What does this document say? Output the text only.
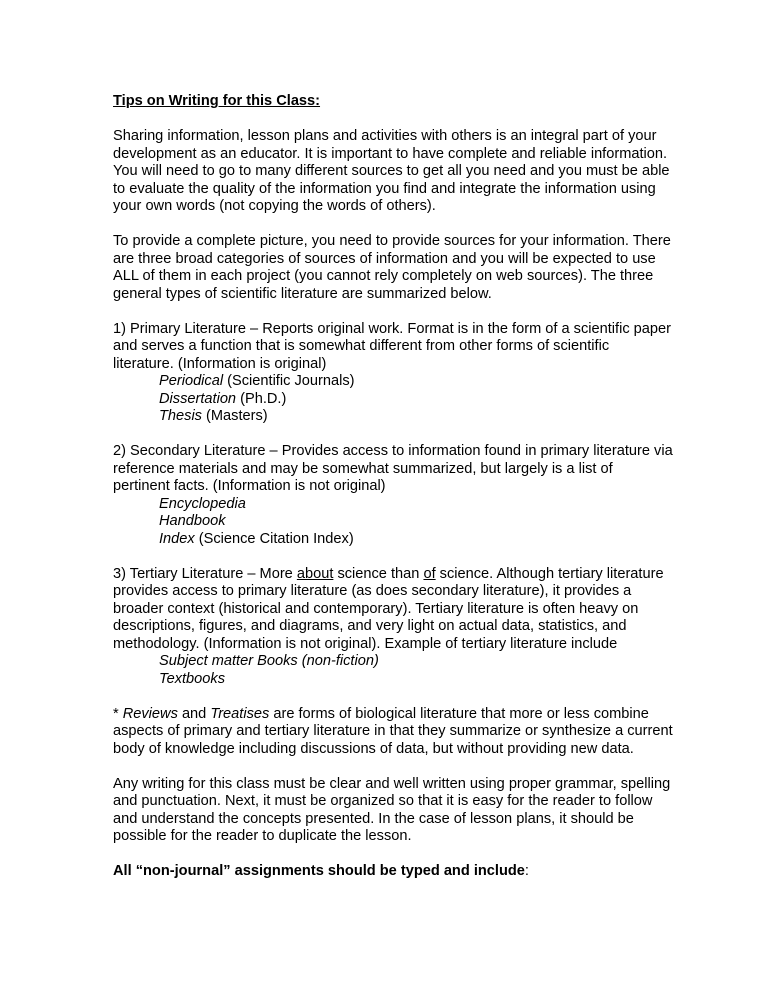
Tips on Writing for this Class:

Sharing information, lesson plans and activities with others is an integral part of your development as an educator. It is important to have complete and reliable information. You will need to go to many different sources to get all you need and you must be able to evaluate the quality of the information you find and integrate the information using your own words (not copying the words of others).

To provide a complete picture, you need to provide sources for your information. There are three broad categories of sources of information and you will be expected to use ALL of them in each project (you cannot rely completely on web sources). The three general types of scientific literature are summarized below.

1) Primary Literature – Reports original work. Format is in the form of a scientific paper and serves a function that is somewhat different from other forms of scientific literature. (Information is original)

Periodical (Scientific Journals)
Dissertation (Ph.D.)
Thesis (Masters)

2) Secondary Literature – Provides access to information found in primary literature via reference materials and may be somewhat summarized, but largely is a list of pertinent facts. (Information is not original)

Encyclopedia
Handbook
Index (Science Citation Index)

3) Tertiary Literature – More about science than of science. Although tertiary literature provides access to primary literature (as does secondary literature), it provides a broader context (historical and contemporary). Tertiary literature is often heavy on descriptions, figures, and diagrams, and very light on actual data, statistics, and methodology. (Information is not original). Example of tertiary literature include

Subject matter Books (non-fiction)
Textbooks

* Reviews and Treatises are forms of biological literature that more or less combine aspects of primary and tertiary literature in that they summarize or synthesize a current body of knowledge including discussions of data, but without providing new data.

Any writing for this class must be clear and well written using proper grammar, spelling and punctuation. Next, it must be organized so that it is easy for the reader to follow and understand the concepts presented. In the case of lesson plans, it should be possible for the reader to duplicate the lesson.

All “non-journal” assignments should be typed and include:
